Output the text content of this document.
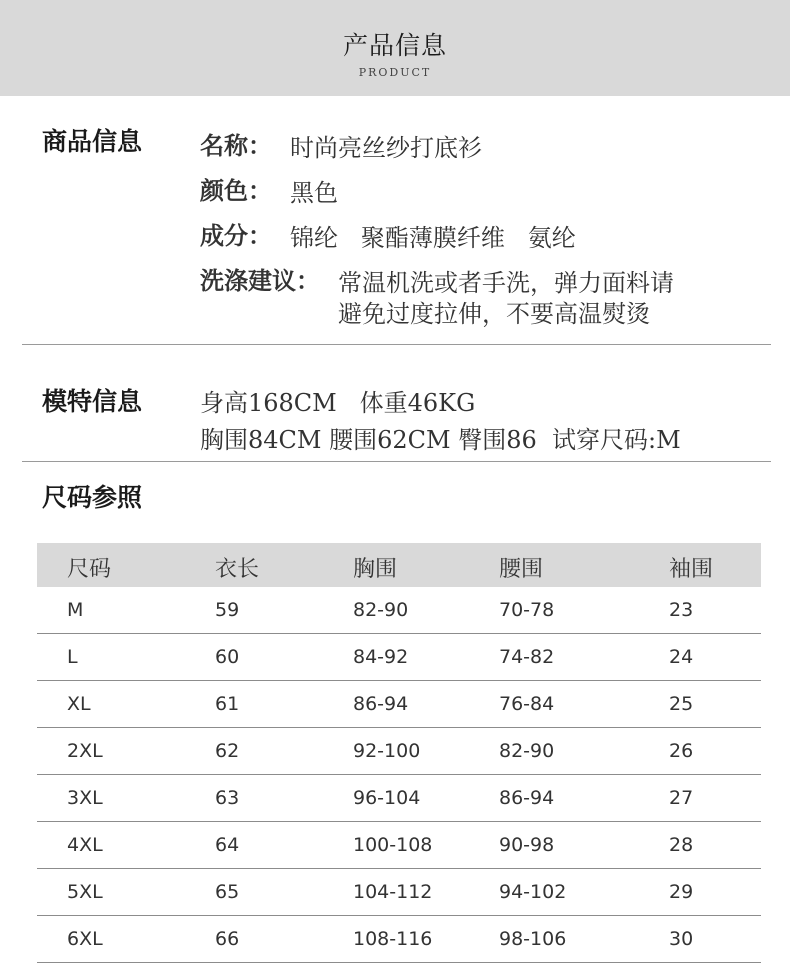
产品信息
PRODUCT
商品信息 名称： 时尚亮丝纱打底衫
颜色： 黑色
成分： 锦纶   聚酯薄膜纤维   氨纶
洗涤建议： 常温机洗或者手洗，弹力面料请
避免过度拉伸，不要高温熨烫
模特信息 身高168CM   体重46KG
胸围84CM 腰围62CM 臀围86  试穿尺码:M
尺码参照
尺码	衣长	胸围	腰围	袖围
M	59	82-90	70-78	23
L	60	84-92	74-82	24
XL	61	86-94	76-84	25
2XL	62	92-100	82-90	26
3XL	63	96-104	86-94	27
4XL	64	100-108	90-98	28
5XL	65	104-112	94-102	29
6XL	66	108-116	98-106	30
